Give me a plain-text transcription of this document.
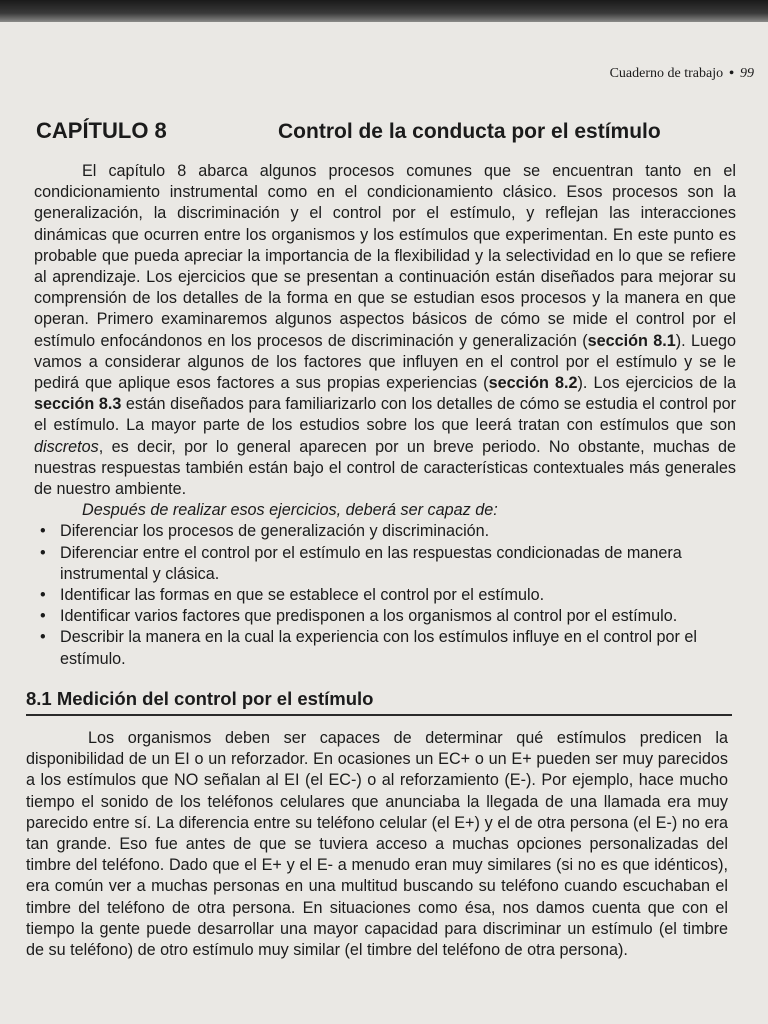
Cuaderno de trabajo • 99
CAPÍTULO 8	Control de la conducta por el estímulo

El capítulo 8 abarca algunos procesos comunes que se encuentran tanto en el condicionamiento instrumental como en el condicionamiento clásico. Esos procesos son la generalización, la discriminación y el control por el estímulo, y reflejan las interacciones dinámicas que ocurren entre los organismos y los estímulos que experimentan. En este punto es probable que pueda apreciar la importancia de la flexibilidad y la selectividad en lo que se refiere al aprendizaje. Los ejercicios que se presentan a continuación están diseñados para mejorar su comprensión de los detalles de la forma en que se estudian esos procesos y la manera en que operan. Primero examinaremos algunos aspectos básicos de cómo se mide el control por el estímulo enfocándonos en los procesos de discriminación y generalización (sección 8.1). Luego vamos a considerar algunos de los factores que influyen en el control por el estímulo y se le pedirá que aplique esos factores a sus propias experiencias (sección 8.2). Los ejercicios de la sección 8.3 están diseñados para familiarizarlo con los detalles de cómo se estudia el control por el estímulo. La mayor parte de los estudios sobre los que leerá tratan con estímulos que son discretos, es decir, por lo general aparecen por un breve periodo. No obstante, muchas de nuestras respuestas también están bajo el control de características contextuales más generales de nuestro ambiente.

Después de realizar esos ejercicios, deberá ser capaz de:

• Diferenciar los procesos de generalización y discriminación.
• Diferenciar entre el control por el estímulo en las respuestas condicionadas de manera instrumental y clásica.
• Identificar las formas en que se establece el control por el estímulo.
• Identificar varios factores que predisponen a los organismos al control por el estímulo.
• Describir la manera en la cual la experiencia con los estímulos influye en el control por el estímulo.
8.1 Medición del control por el estímulo

Los organismos deben ser capaces de determinar qué estímulos predicen la disponibilidad de un EI o un reforzador. En ocasiones un EC+ o un E+ pueden ser muy parecidos a los estímulos que NO señalan al EI (el EC-) o al reforzamiento (E-). Por ejemplo, hace mucho tiempo el sonido de los teléfonos celulares que anunciaba la llegada de una llamada era muy parecido entre sí. La diferencia entre su teléfono celular (el E+) y el de otra persona (el E-) no era tan grande. Eso fue antes de que se tuviera acceso a muchas opciones personalizadas del timbre del teléfono. Dado que el E+ y el E- a menudo eran muy similares (si no es que idénticos), era común ver a muchas personas en una multitud buscando su teléfono cuando escuchaban el timbre del teléfono de otra persona. En situaciones como ésa, nos damos cuenta que con el tiempo la gente puede desarrollar una mayor capacidad para discriminar un estímulo (el timbre de su teléfono) de otro estímulo muy similar (el timbre del teléfono de otra persona).
